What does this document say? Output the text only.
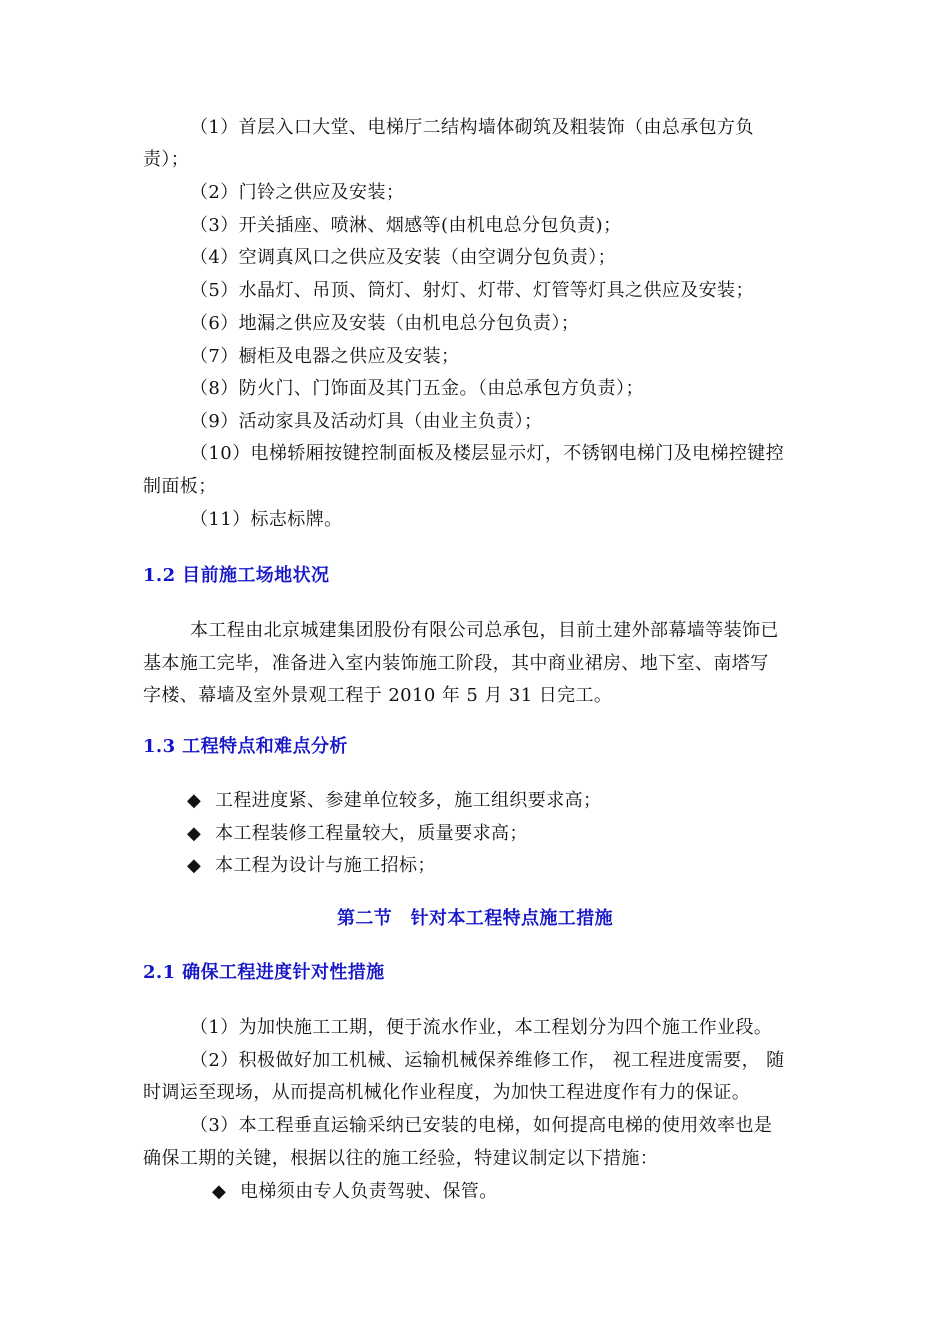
（1）首层入口大堂、电梯厅二结构墙体砌筑及粗装饰（由总承包方负
责）；
（2）门铃之供应及安装；
（3）开关插座、喷淋、烟感等(由机电总分包负责)；
（4）空调真风口之供应及安装（由空调分包负责）；
（5）水晶灯、吊顶、筒灯、射灯、灯带、灯管等灯具之供应及安装；
（6）地漏之供应及安装（由机电总分包负责）；
（7）橱柜及电器之供应及安装；
（8）防火门、门饰面及其门五金。（由总承包方负责）；
（9）活动家具及活动灯具（由业主负责）；
（10）电梯轿厢按键控制面板及楼层显示灯，不锈钢电梯门及电梯控键控
制面板；
（11）标志标牌。
1.2 目前施工场地状况
本工程由北京城建集团股份有限公司总承包，目前土建外部幕墙等装饰已
基本施工完毕，准备进入室内装饰施工阶段，其中商业裙房、地下室、南塔写
字楼、幕墙及室外景观工程于 2010 年 5 月 31 日完工。
1.3 工程特点和难点分析
◆ 工程进度紧、参建单位较多，施工组织要求高；
◆ 本工程装修工程量较大，质量要求高；
◆ 本工程为设计与施工招标；
第二节　针对本工程特点施工措施
2.1 确保工程进度针对性措施
（1）为加快施工工期，便于流水作业，本工程划分为四个施工作业段。
（2）积极做好加工机械、运输机械保养维修工作， 视工程进度需要， 随
时调运至现场，从而提高机械化作业程度，为加快工程进度作有力的保证。
（3）本工程垂直运输采纳已安装的电梯，如何提高电梯的使用效率也是
确保工期的关键，根据以往的施工经验，特建议制定以下措施：
◆ 电梯须由专人负责驾驶、保管。
